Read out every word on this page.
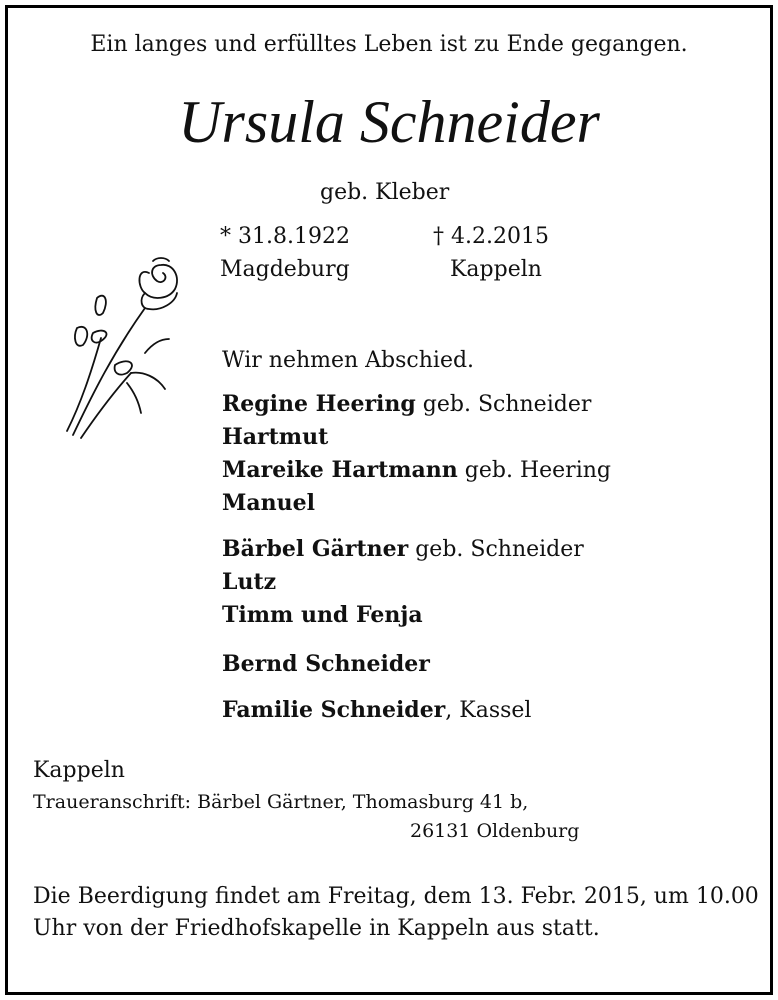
Ein langes und erfülltes Leben ist zu Ende gegangen.
Ursula Schneider
geb. Kleber
* 31.8.1922
Magdeburg
† 4.2.2015
Kappeln
Wir nehmen Abschied.
Regine Heering geb. Schneider
Hartmut
Mareike Hartmann geb. Heering
Manuel
Bärbel Gärtner geb. Schneider
Lutz
Timm und Fenja
Bernd Schneider
Familie Schneider, Kassel
Kappeln
Traueranschrift: Bärbel Gärtner, Thomasburg 41 b,
26131 Oldenburg
Die Beerdigung findet am Freitag, dem 13. Febr. 2015, um 10.00 Uhr von der Friedhofskapelle in Kappeln aus statt.
